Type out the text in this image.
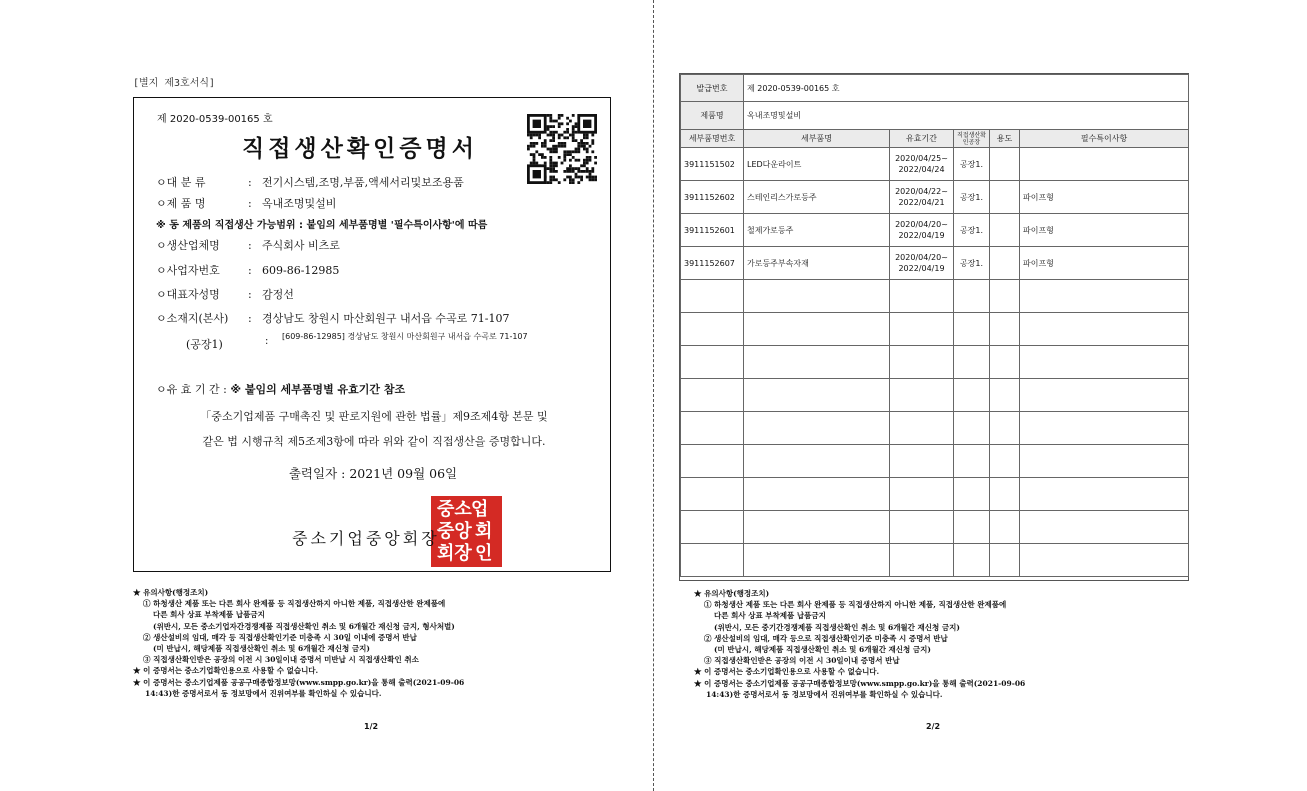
[별지 제3호서식]
제 2020-0539-00165 호
직접생산확인증명서
ㅇ대 분 류	: 전기시스템,조명,부품,액세서리및보조용품
ㅇ제 품 명	: 옥내조명및설비
※ 동 제품의 직접생산 가능범위 : 붙임의 세부품명별 '필수특이사항'에 따름
ㅇ생산업체명	: 주식회사 비츠로
ㅇ사업자번호	: 609-86-12985
ㅇ대표자성명	: 감정선
ㅇ소재지(본사) : 경상남도 창원시 마산회원구 내서읍 수곡로 71-107
(공장1)	: [609-86-12985] 경상남도 창원시 마산회원구 내서읍 수곡로 71-107
ㅇ유 효 기 간 : ※ 붙임의 세부품명별 유효기간 참조
「중소기업제품 구매촉진 및 판로지원에 관한 법률」제9조제4항 본문 및
같은 법 시행규칙 제5조제3항에 따라 위와 같이 직접생산을 증명합니다.
출력일자 : 2021년 09월 06일
중소 업
중앙 회
회장 인
중소기업중앙회장
★ 유의사항(행정조치)
① 하청생산 제품 또는 다른 회사 완제품 등 직접생산하지 아니한 제품, 직접생산한 완제품에
다른 회사 상표 부착제품 납품금지
(위반시, 모든 중소기업자간경쟁제품 직접생산확인 취소 및 6개월간 재신청 금지, 형사처벌)
② 생산설비의 임대, 매각 등 직접생산확인기준 미충족 시 30일 이내에 증명서 반납
(미 반납시, 해당제품 직접생산확인 취소 및 6개월간 재신청 금지)
③ 직접생산확인받은 공장의 이전 시 30일이내 증명서 미반납 시 직접생산확인 취소
★ 이 증명서는 중소기업확인용으로 사용할 수 없습니다.
★ 이 증명서는 중소기업제품 공공구매종합정보망(www.smpp.go.kr)을 통해 출력(2021-09-06
14:43)한 증명서로서 동 정보망에서 진위여부를 확인하실 수 있습니다.
1/2
발급번호	제 2020-0539-00165 호				
제품명	옥내조명및설비				
세부품명번호	세부품명	유효기간	직접생산확인공장	용도	필수특이사항
3911151502	LED다운라이트	2020/04/25~
2022/04/24	공장1.		
3911152602	스테인리스가로등주	2020/04/22~
2022/04/21	공장1.		파이프형
3911152601	철제가로등주	2020/04/20~
2022/04/19	공장1.		파이프형
3911152607	가로등주부속자재	2020/04/20~
2022/04/19	공장1.		파이프형

★ 유의사항(행정조치)
① 하청생산 제품 또는 다른 회사 완제품 등 직접생산하지 아니한 제품, 직접생산한 완제품에
다른 회사 상표 부착제품 납품금지
(위반시, 모든 중기간경쟁제품 직접생산확인 취소 및 6개월간 재신청 금지)
② 생산설비의 임대, 매각 등으로 직접생산확인기준 미충족 시 증명서 반납
(미 반납시, 해당제품 직접생산확인 취소 및 6개월간 재신청 금지)
③ 직접생산확인받은 공장의 이전 시 30일이내 증명서 반납
★ 이 증명서는 중소기업확인용으로 사용할 수 없습니다.
★ 이 증명서는 중소기업제품 공공구매종합정보망(www.smpp.go.kr)을 통해 출력(2021-09-06
14:43)한 증명서로서 동 정보망에서 진위여부를 확인하실 수 있습니다.
2/2
